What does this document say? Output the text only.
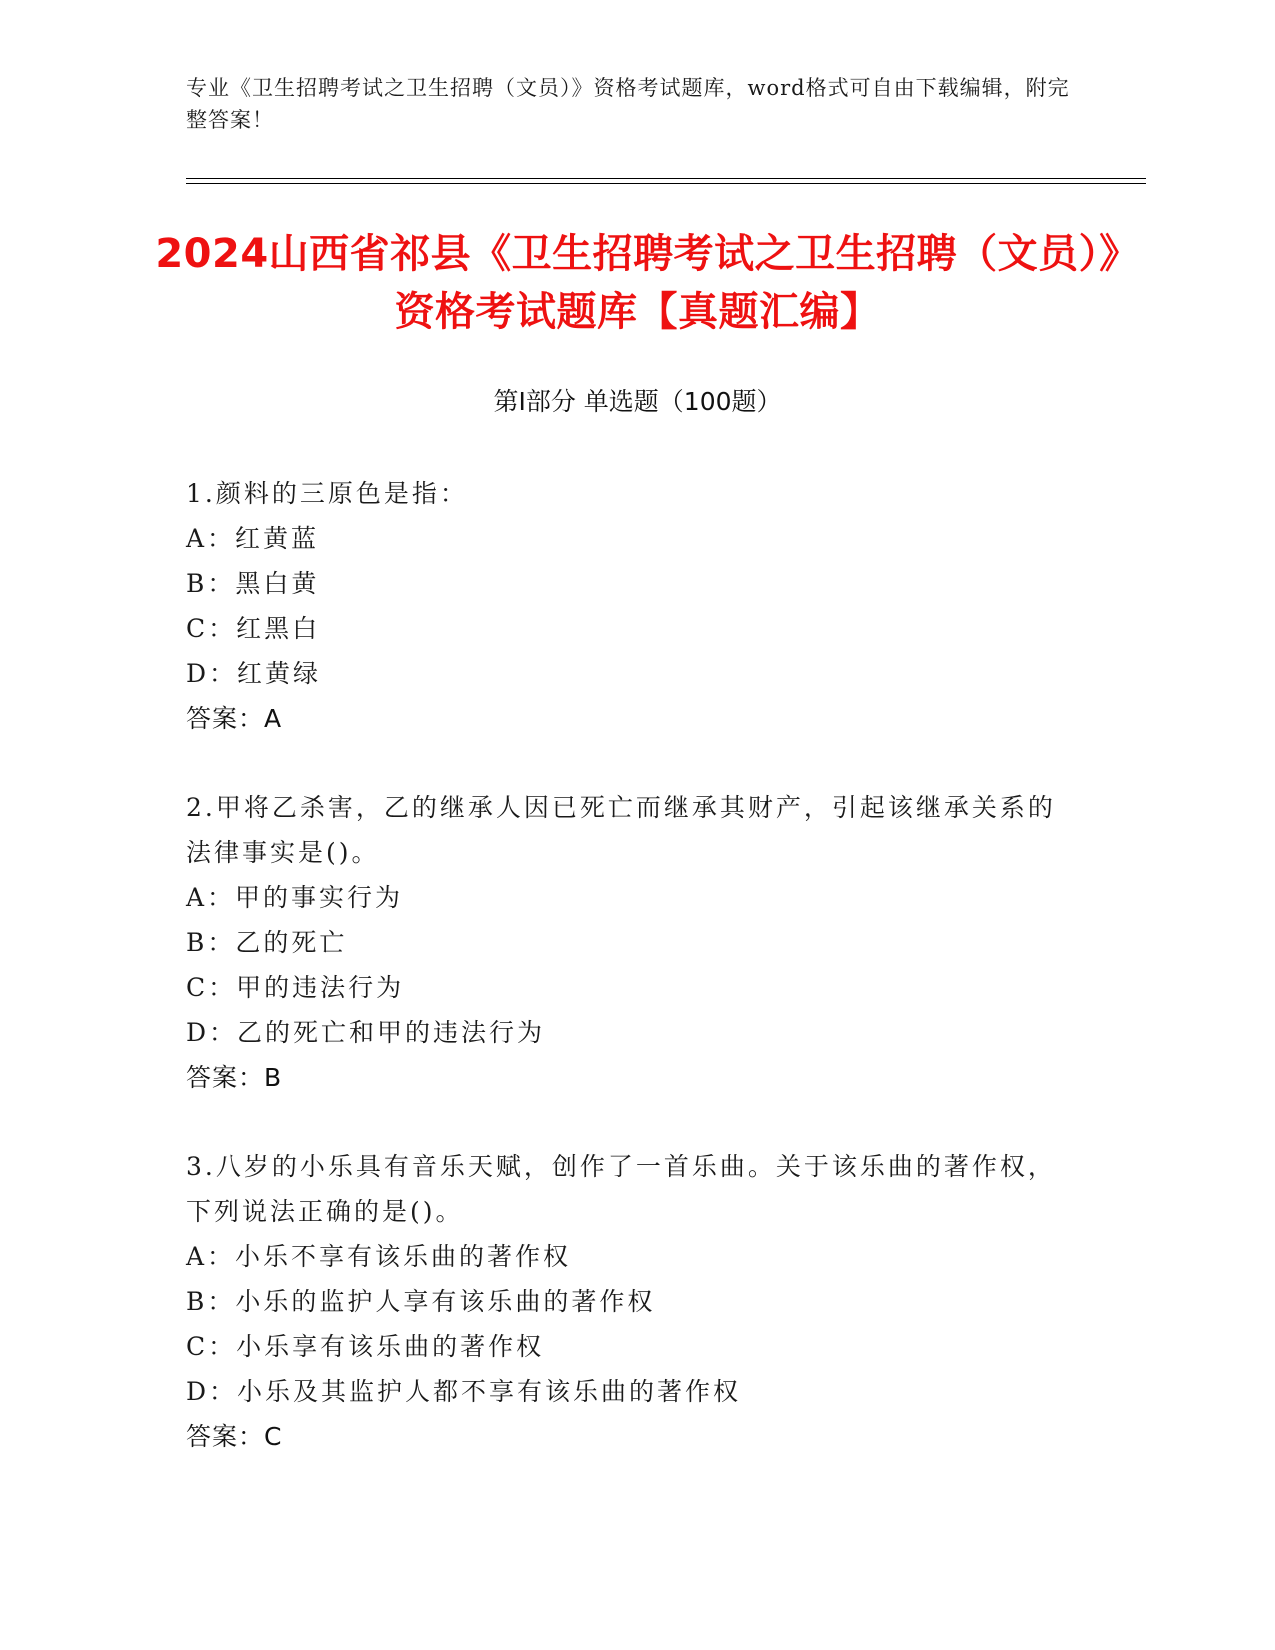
专业《卫生招聘考试之卫生招聘（文员）》资格考试题库，word格式可自由下载编辑，附完整答案！
2024山西省祁县《卫生招聘考试之卫生招聘（文员）》资格考试题库【真题汇编】
第Ⅰ部分 单选题（100题）
1.颜料的三原色是指：
A：红黄蓝
B：黑白黄
C：红黑白
D：红黄绿
答案：A
2.甲将乙杀害，乙的继承人因已死亡而继承其财产，引起该继承关系的法律事实是()。
A：甲的事实行为
B：乙的死亡
C：甲的违法行为
D：乙的死亡和甲的违法行为
答案：B
3.八岁的小乐具有音乐天赋，创作了一首乐曲。关于该乐曲的著作权，下列说法正确的是()。
A：小乐不享有该乐曲的著作权
B：小乐的监护人享有该乐曲的著作权
C：小乐享有该乐曲的著作权
D：小乐及其监护人都不享有该乐曲的著作权
答案：C
